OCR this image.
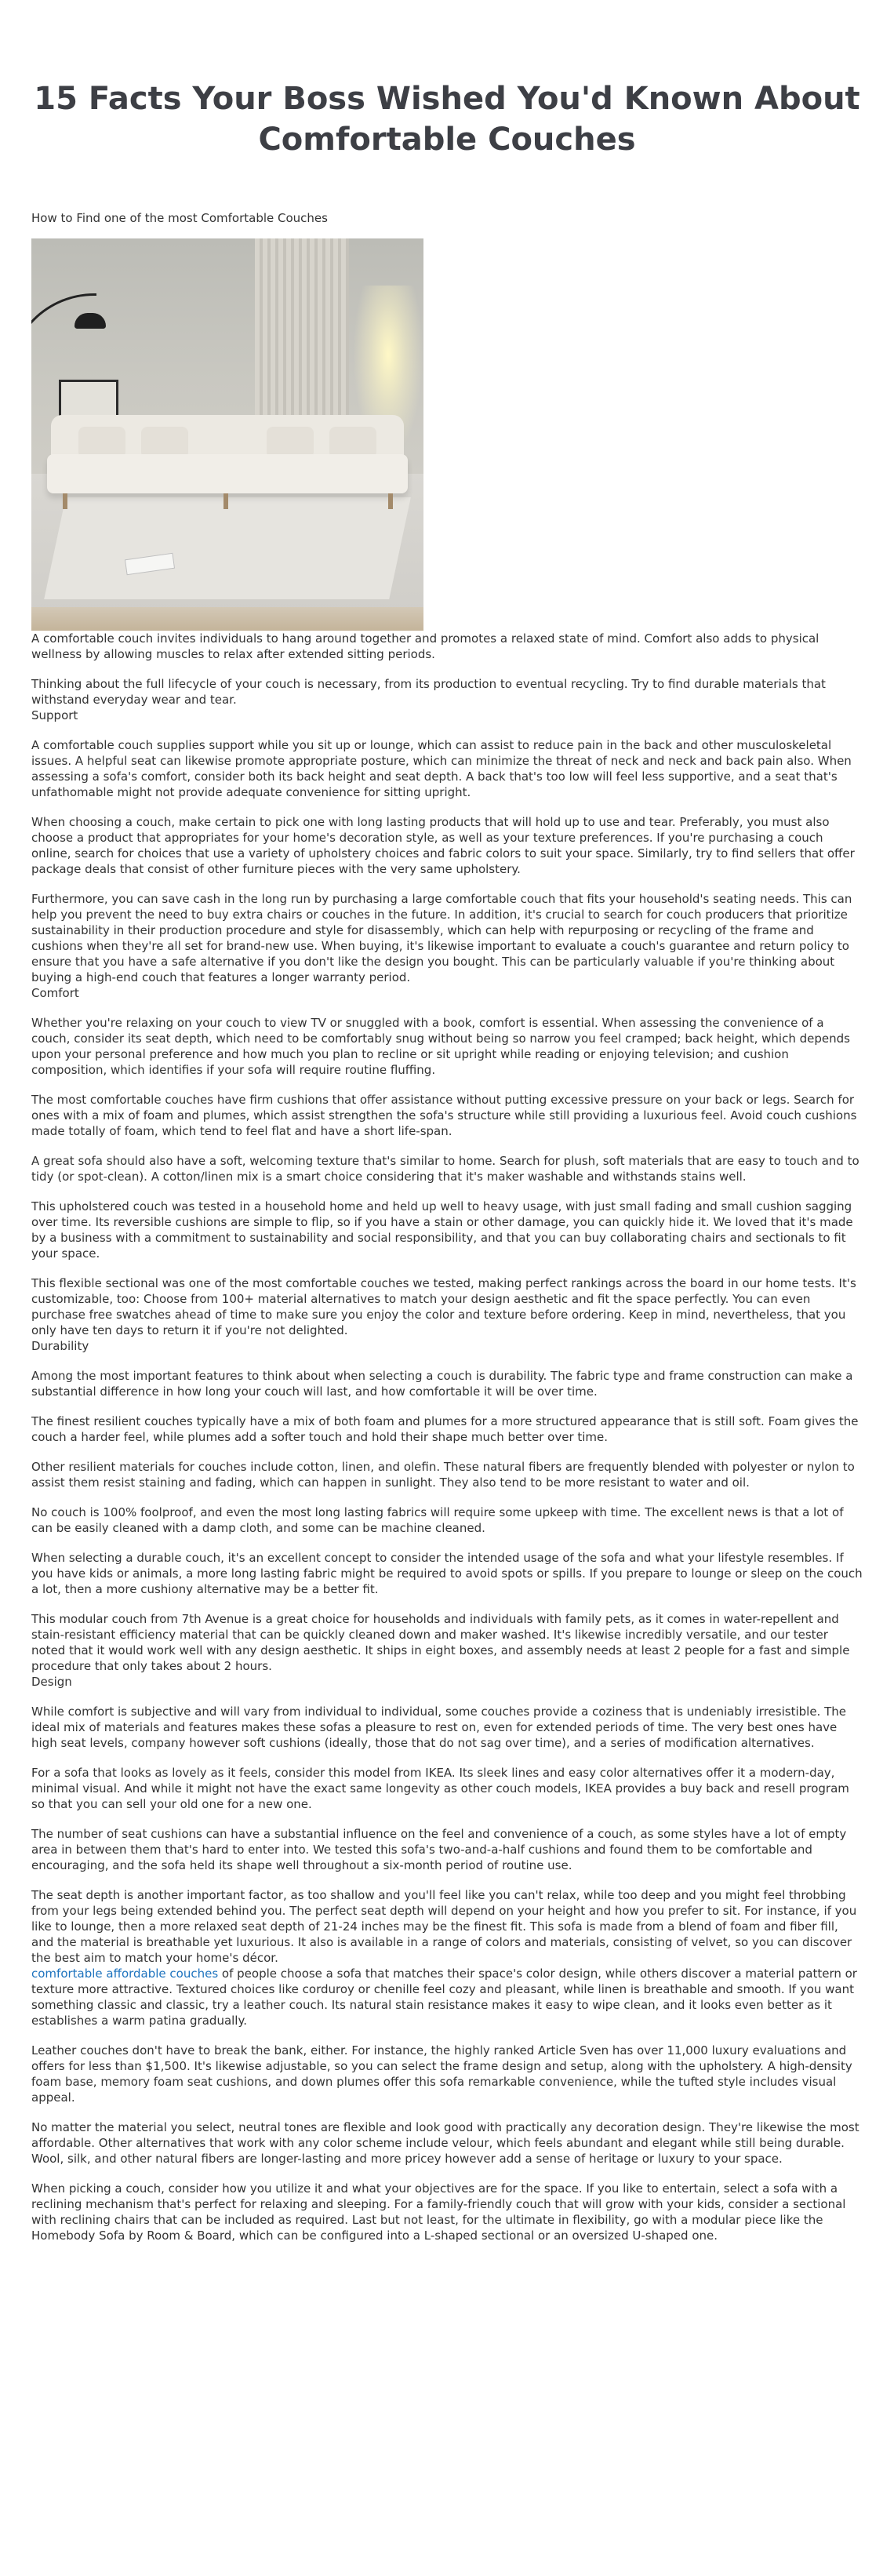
15 Facts Your Boss Wished You'd Known About Comfortable Couches

How to Find one of the most Comfortable Couches

A comfortable couch invites individuals to hang around together and promotes a relaxed state of mind. Comfort also adds to physical wellness by allowing muscles to relax after extended sitting periods.

Thinking about the full lifecycle of your couch is necessary, from its production to eventual recycling. Try to find durable materials that withstand everyday wear and tear.

Support

A comfortable couch supplies support while you sit up or lounge, which can assist to reduce pain in the back and other musculoskeletal issues. A helpful seat can likewise promote appropriate posture, which can minimize the threat of neck and neck and back pain also. When assessing a sofa's comfort, consider both its back height and seat depth. A back that's too low will feel less supportive, and a seat that's unfathomable might not provide adequate convenience for sitting upright.

When choosing a couch, make certain to pick one with long lasting products that will hold up to use and tear. Preferably, you must also choose a product that appropriates for your home's decoration style, as well as your texture preferences. If you're purchasing a couch online, search for choices that use a variety of upholstery choices and fabric colors to suit your space. Similarly, try to find sellers that offer package deals that consist of other furniture pieces with the very same upholstery.

Furthermore, you can save cash in the long run by purchasing a large comfortable couch that fits your household's seating needs. This can help you prevent the need to buy extra chairs or couches in the future. In addition, it's crucial to search for couch producers that prioritize sustainability in their production procedure and style for disassembly, which can help with repurposing or recycling of the frame and cushions when they're all set for brand-new use. When buying, it's likewise important to evaluate a couch's guarantee and return policy to ensure that you have a safe alternative if you don't like the design you bought. This can be particularly valuable if you're thinking about buying a high-end couch that features a longer warranty period.

Comfort

Whether you're relaxing on your couch to view TV or snuggled with a book, comfort is essential. When assessing the convenience of a couch, consider its seat depth, which need to be comfortably snug without being so narrow you feel cramped; back height, which depends upon your personal preference and how much you plan to recline or sit upright while reading or enjoying television; and cushion composition, which identifies if your sofa will require routine fluffing.

The most comfortable couches have firm cushions that offer assistance without putting excessive pressure on your back or legs. Search for ones with a mix of foam and plumes, which assist strengthen the sofa's structure while still providing a luxurious feel. Avoid couch cushions made totally of foam, which tend to feel flat and have a short life-span.

A great sofa should also have a soft, welcoming texture that's similar to home. Search for plush, soft materials that are easy to touch and to tidy (or spot-clean). A cotton/linen mix is a smart choice considering that it's maker washable and withstands stains well.

This upholstered couch was tested in a household home and held up well to heavy usage, with just small fading and small cushion sagging over time. Its reversible cushions are simple to flip, so if you have a stain or other damage, you can quickly hide it. We loved that it's made by a business with a commitment to sustainability and social responsibility, and that you can buy collaborating chairs and sectionals to fit your space.

This flexible sectional was one of the most comfortable couches we tested, making perfect rankings across the board in our home tests. It's customizable, too: Choose from 100+ material alternatives to match your design aesthetic and fit the space perfectly. You can even purchase free swatches ahead of time to make sure you enjoy the color and texture before ordering. Keep in mind, nevertheless, that you only have ten days to return it if you're not delighted.

Durability

Among the most important features to think about when selecting a couch is durability. The fabric type and frame construction can make a substantial difference in how long your couch will last, and how comfortable it will be over time.

The finest resilient couches typically have a mix of both foam and plumes for a more structured appearance that is still soft. Foam gives the couch a harder feel, while plumes add a softer touch and hold their shape much better over time.

Other resilient materials for couches include cotton, linen, and olefin. These natural fibers are frequently blended with polyester or nylon to assist them resist staining and fading, which can happen in sunlight. They also tend to be more resistant to water and oil.

No couch is 100% foolproof, and even the most long lasting fabrics will require some upkeep with time. The excellent news is that a lot of can be easily cleaned with a damp cloth, and some can be machine cleaned.

When selecting a durable couch, it's an excellent concept to consider the intended usage of the sofa and what your lifestyle resembles. If you have kids or animals, a more long lasting fabric might be required to avoid spots or spills. If you prepare to lounge or sleep on the couch a lot, then a more cushiony alternative may be a better fit.

This modular couch from 7th Avenue is a great choice for households and individuals with family pets, as it comes in water-repellent and stain-resistant efficiency material that can be quickly cleaned down and maker washed. It's likewise incredibly versatile, and our tester noted that it would work well with any design aesthetic. It ships in eight boxes, and assembly needs at least 2 people for a fast and simple procedure that only takes about 2 hours.

Design

While comfort is subjective and will vary from individual to individual, some couches provide a coziness that is undeniably irresistible. The ideal mix of materials and features makes these sofas a pleasure to rest on, even for extended periods of time. The very best ones have high seat levels, company however soft cushions (ideally, those that do not sag over time), and a series of modification alternatives.

For a sofa that looks as lovely as it feels, consider this model from IKEA. Its sleek lines and easy color alternatives offer it a modern-day, minimal visual. And while it might not have the exact same longevity as other couch models, IKEA provides a buy back and resell program so that you can sell your old one for a new one.

The number of seat cushions can have a substantial influence on the feel and convenience of a couch, as some styles have a lot of empty area in between them that's hard to enter into. We tested this sofa's two-and-a-half cushions and found them to be comfortable and encouraging, and the sofa held its shape well throughout a six-month period of routine use.

The seat depth is another important factor, as too shallow and you'll feel like you can't relax, while too deep and you might feel throbbing from your legs being extended behind you. The perfect seat depth will depend on your height and how you prefer to sit. For instance, if you like to lounge, then a more relaxed seat depth of 21-24 inches may be the finest fit. This sofa is made from a blend of foam and fiber fill, and the material is breathable yet luxurious. It also is available in a range of colors and materials, consisting of velvet, so you can discover the best aim to match your home's décor.

comfortable affordable couches of people choose a sofa that matches their space's color design, while others discover a material pattern or texture more attractive. Textured choices like corduroy or chenille feel cozy and pleasant, while linen is breathable and smooth. If you want something classic and classic, try a leather couch. Its natural stain resistance makes it easy to wipe clean, and it looks even better as it establishes a warm patina gradually.

Leather couches don't have to break the bank, either. For instance, the highly ranked Article Sven has over 11,000 luxury evaluations and offers for less than $1,500. It's likewise adjustable, so you can select the frame design and setup, along with the upholstery. A high-density foam base, memory foam seat cushions, and down plumes offer this sofa remarkable convenience, while the tufted style includes visual appeal.

No matter the material you select, neutral tones are flexible and look good with practically any decoration design. They're likewise the most affordable. Other alternatives that work with any color scheme include velour, which feels abundant and elegant while still being durable. Wool, silk, and other natural fibers are longer-lasting and more pricey however add a sense of heritage or luxury to your space.

When picking a couch, consider how you utilize it and what your objectives are for the space. If you like to entertain, select a sofa with a reclining mechanism that's perfect for relaxing and sleeping. For a family-friendly couch that will grow with your kids, consider a sectional with reclining chairs that can be included as required. Last but not least, for the ultimate in flexibility, go with a modular piece like the Homebody Sofa by Room & Board, which can be configured into a L-shaped sectional or an oversized U-shaped one.
